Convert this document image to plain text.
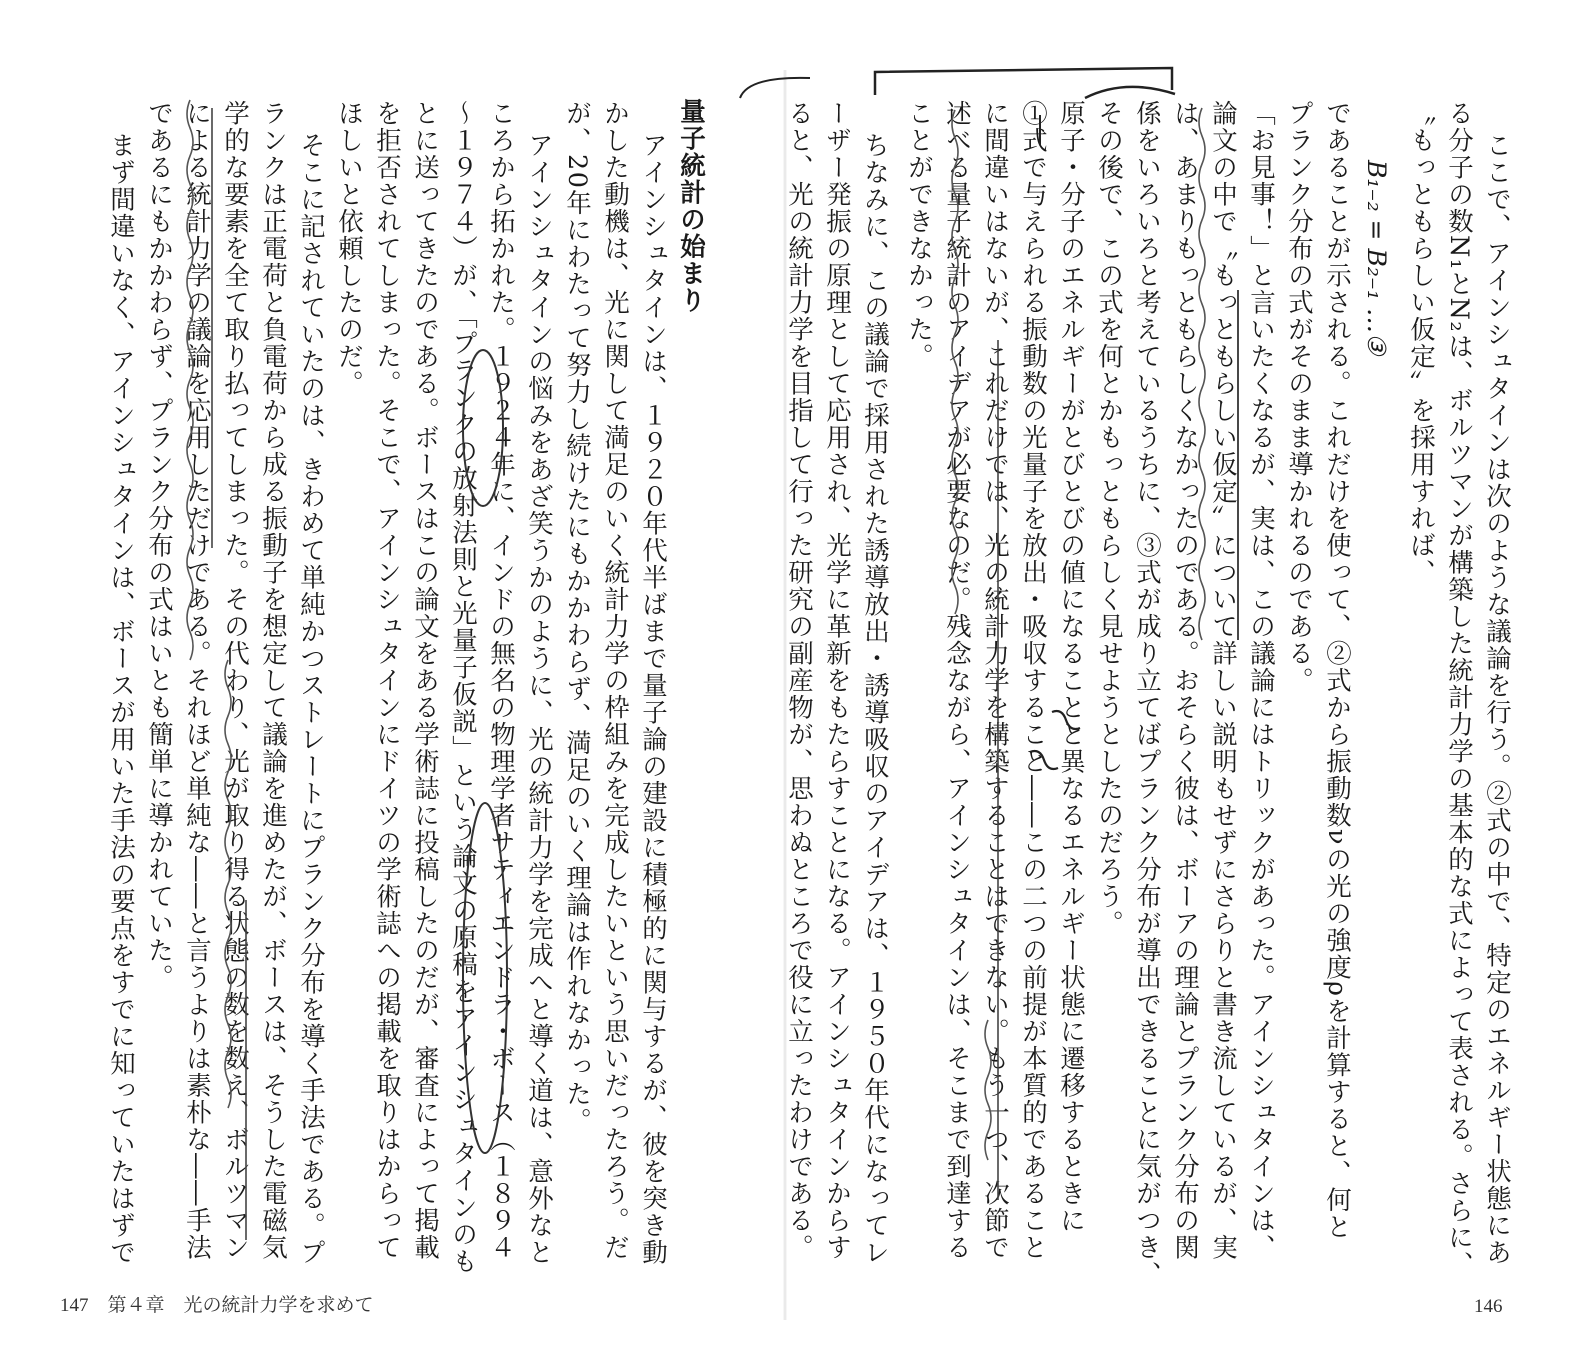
量子統計の始まり
アインシュタインは、１９２０年代半ばまで量子論の建設に積極的に関与するが、彼を突き動
かした動機は、光に関して満足のいく統計力学の枠組みを完成したいという思いだったろう。だ
が、20年にわたって努力し続けたにもかかわらず、満足のいく理論は作れなかった。
アインシュタインの悩みをあざ笑うかのように、光の統計力学を完成へと導く道は、意外なと
ころから拓かれた。１９２４年に、インドの無名の物理学者サティエンドラ・ボース（１８９４
～１９７４）が、「プランクの放射法則と光量子仮説」という論文の原稿をアインシュタインのも
とに送ってきたのである。ボースはこの論文をある学術誌に投稿したのだが、審査によって掲載
を拒否されてしまった。そこで、アインシュタインにドイツの学術誌への掲載を取りはからって
ほしいと依頼したのだ。
そこに記されていたのは、きわめて単純かつストレートにプランク分布を導く手法である。プ
ランクは正電荷と負電荷から成る振動子を想定して議論を進めたが、ボースは、そうした電磁気
学的な要素を全て取り払ってしまった。その代わり、光が取り得る状態の数を数え、ボルツマン
による統計力学の議論を応用しただけである。それほど単純な――と言うよりは素朴な――手法
であるにもかかわらず、プランク分布の式はいとも簡単に導かれていた。
まず間違いなく、アインシュタインは、ボースが用いた手法の要点をすでに知っていたはずで
147　第４章　光の統計力学を求めて
ここで、アインシュタインは次のような議論を行う。②式の中で、特定のエネルギー状態にあ
る分子の数N₁とN₂は、ボルツマンが構築した統計力学の基本的な式によって表される。さらに、
〝もっともらしい仮定〟を採用すれば、
B₁₋₂ = B₂₋₁ …③
であることが示される。これだけを使って、②式から振動数νの光の強度ρを計算すると、何と
プランク分布の式がそのまま導かれるのである。
「お見事！」と言いたくなるが、実は、この議論にはトリックがあった。アインシュタインは、
論文の中で〝もっともらしい仮定〟について詳しい説明もせずにさらりと書き流しているが、実
は、あまりもっともらしくなかったのである。おそらく彼は、ボーアの理論とプランク分布の関
係をいろいろと考えているうちに、③式が成り立てばプランク分布が導出できることに気がつき、
その後で、この式を何とかもっともらしく見せようとしたのだろう。
原子・分子のエネルギーがとびとびの値になることと異なるエネルギー状態に遷移するときに
①式で与えられる振動数の光量子を放出・吸収すること――この二つの前提が本質的であること
に間違いはないが、これだけでは、光の統計力学を構築することはできない。もう一つ、次節で
述べる量子統計のアイデアが必要なのだ。残念ながら、アインシュタインは、そこまで到達する
ことができなかった。
ちなみに、この議論で採用された誘導放出・誘導吸収のアイデアは、１９５０年代になってレ
ーザー発振の原理として応用され、光学に革新をもたらすことになる。アインシュタインからす
ると、光の統計力学を目指して行った研究の副産物が、思わぬところで役に立ったわけである。
146
